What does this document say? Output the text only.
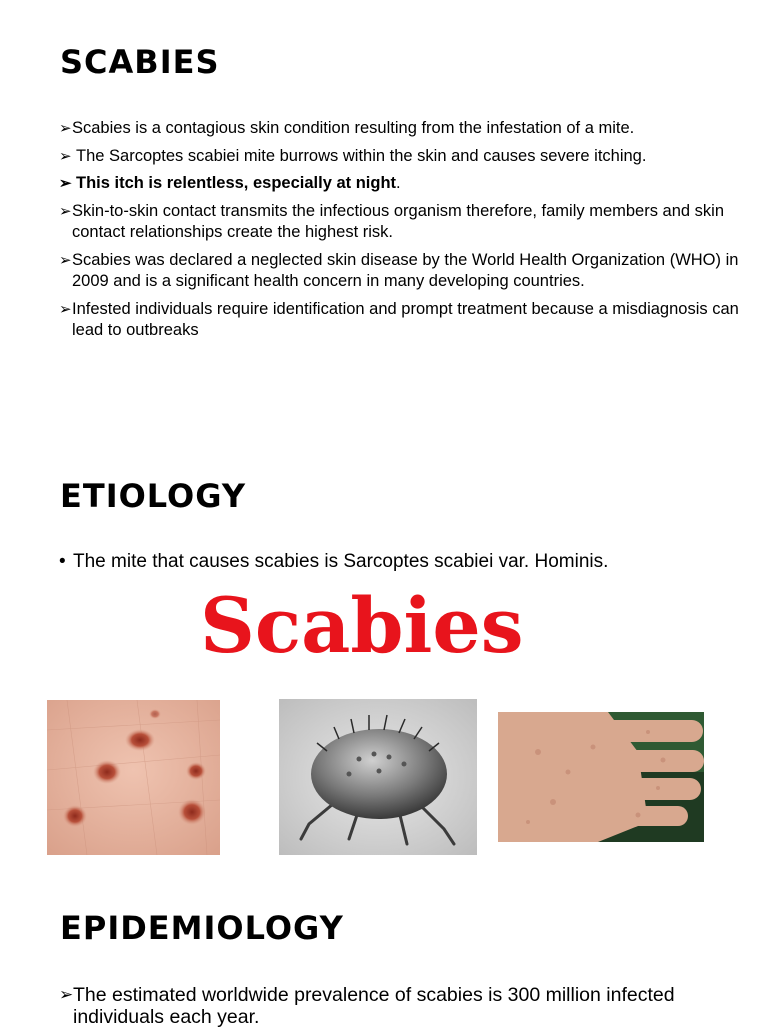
SCABIES
➢ Scabies is a contagious skin condition resulting from the infestation of a mite.
➢ The Sarcoptes scabiei mite burrows within the skin and causes severe itching.
➢ This itch is relentless, especially at night.
➢ Skin-to-skin contact transmits the infectious organism therefore, family members and skin contact relationships create the highest risk.
➢ Scabies was declared a neglected skin disease by the World Health Organization (WHO) in 2009 and is a significant health concern in many developing countries.
➢ Infested individuals require identification and prompt treatment because a misdiagnosis can lead to outbreaks
ETIOLOGY

• The mite that causes scabies is Sarcoptes scabiei var. Hominis.

Scabies
EPIDEMIOLOGY
➢ The estimated worldwide prevalence of scabies is 300 million infected individuals each year.
